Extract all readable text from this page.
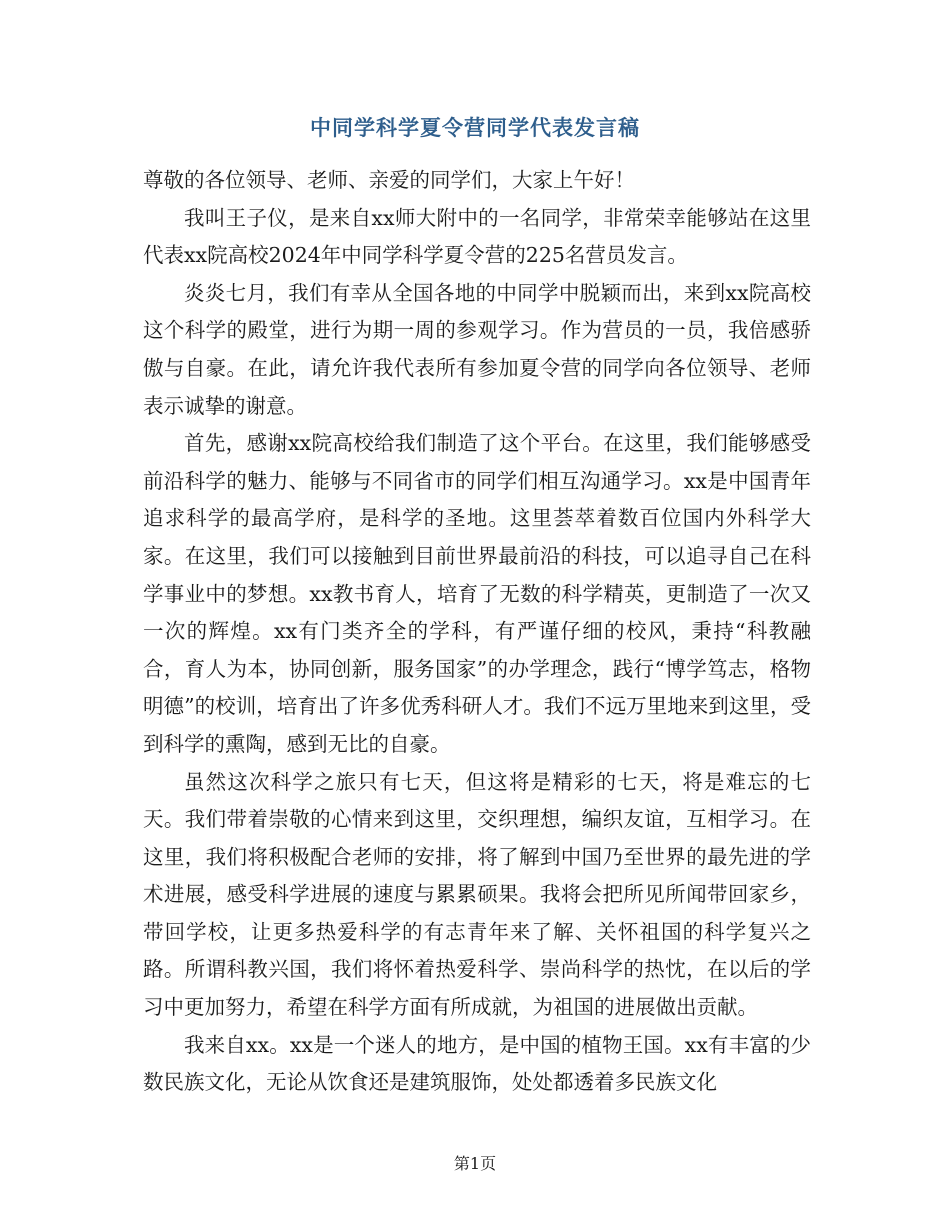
中同学科学夏令营同学代表发言稿

尊敬的各位领导、老师、亲爱的同学们，大家上午好！

我叫王子仪，是来自xx师大附中的一名同学，非常荣幸能够站在这里代表xx院高校2024年中同学科学夏令营的225名营员发言。

炎炎七月，我们有幸从全国各地的中同学中脱颖而出，来到xx院高校这个科学的殿堂，进行为期一周的参观学习。作为营员的一员，我倍感骄傲与自豪。在此，请允许我代表所有参加夏令营的同学向各位领导、老师表示诚挚的谢意。

首先，感谢xx院高校给我们制造了这个平台。在这里，我们能够感受前沿科学的魅力、能够与不同省市的同学们相互沟通学习。xx是中国青年追求科学的最高学府，是科学的圣地。这里荟萃着数百位国内外科学大家。在这里，我们可以接触到目前世界最前沿的科技，可以追寻自己在科学事业中的梦想。xx教书育人，培育了无数的科学精英，更制造了一次又一次的辉煌。xx有门类齐全的学科，有严谨仔细的校风，秉持“科教融合，育人为本，协同创新，服务国家”的办学理念，践行“博学笃志，格物明德”的校训，培育出了许多优秀科研人才。我们不远万里地来到这里，受到科学的熏陶，感到无比的自豪。

虽然这次科学之旅只有七天，但这将是精彩的七天，将是难忘的七天。我们带着崇敬的心情来到这里，交织理想，编织友谊，互相学习。在这里，我们将积极配合老师的安排，将了解到中国乃至世界的最先进的学术进展，感受科学进展的速度与累累硕果。我将会把所见所闻带回家乡，带回学校，让更多热爱科学的有志青年来了解、关怀祖国的科学复兴之路。所谓科教兴国，我们将怀着热爱科学、崇尚科学的热忱，在以后的学习中更加努力，希望在科学方面有所成就，为祖国的进展做出贡献。

我来自xx。xx是一个迷人的地方，是中国的植物王国。xx有丰富的少数民族文化，无论从饮食还是建筑服饰，处处都透着多民族文化

第1页
